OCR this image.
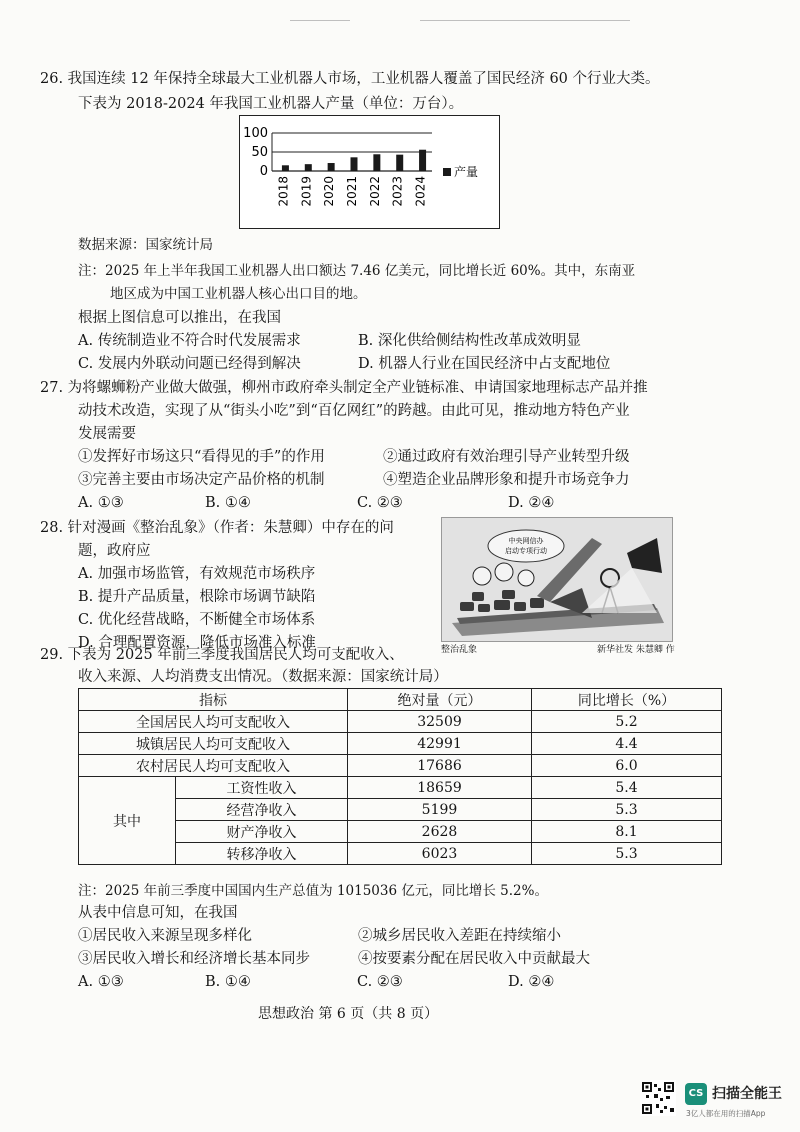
26. 我国连续 12 年保持全球最大工业机器人市场，工业机器人覆盖了国民经济 60 个行业大类。
下表为 2018-2024 年我国工业机器人产量（单位：万台）。
100
50
0
2018 2019 2020 2021 2022 2023 2024
产量
数据来源：国家统计局
注：2025 年上半年我国工业机器人出口额达 7.46 亿美元，同比增长近 60%。其中，东南亚
地区成为中国工业机器人核心出口目的地。
根据上图信息可以推出，在我国
A. 传统制造业不符合时代发展需求	B. 深化供给侧结构性改革成效明显
C. 发展内外联动问题已经得到解决	D. 机器人行业在国民经济中占支配地位
27. 为将螺蛳粉产业做大做强，柳州市政府牵头制定全产业链标准、申请国家地理标志产品并推
动技术改造，实现了从“街头小吃”到“百亿网红”的跨越。由此可见，推动地方特色产业
发展需要
①发挥好市场这只“看得见的手”的作用	②通过政府有效治理引导产业转型升级
③完善主要由市场决定产品价格的机制	④塑造企业品牌形象和提升市场竞争力
A. ①③	B. ①④	C. ②③	D. ②④
28. 针对漫画《整治乱象》（作者：朱慧卿）中存在的问
题，政府应
A. 加强市场监管，有效规范市场秩序
B. 提升产品质量，根除市场调节缺陷
C. 优化经营战略，不断健全市场体系
D. 合理配置资源，降低市场准入标准
中央网信办
启动专项行动
整治乱象	新华社发 朱慧卿 作
29. 下表为 2025 年前三季度我国居民人均可支配收入、
收入来源、人均消费支出情况。（数据来源：国家统计局）
指标		绝对量（元）	同比增长（%）
全国居民人均可支配收入		32509	5.2
城镇居民人均可支配收入		42991	4.4
农村居民人均可支配收入		17686	6.0
其中	工资性收入	18659	5.4
	经营净收入	5199	5.3
	财产净收入	2628	8.1
	转移净收入	6023	5.3
注：2025 年前三季度中国国内生产总值为 1015036 亿元，同比增长 5.2%。
从表中信息可知，在我国
①居民收入来源呈现多样化	②城乡居民收入差距在持续缩小
③居民收入增长和经济增长基本同步	④按要素分配在居民收入中贡献最大
A. ①③	B. ①④	C. ②③	D. ②④
思想政治 第 6 页（共 8 页）
CS 扫描全能王
3亿人都在用的扫描App
